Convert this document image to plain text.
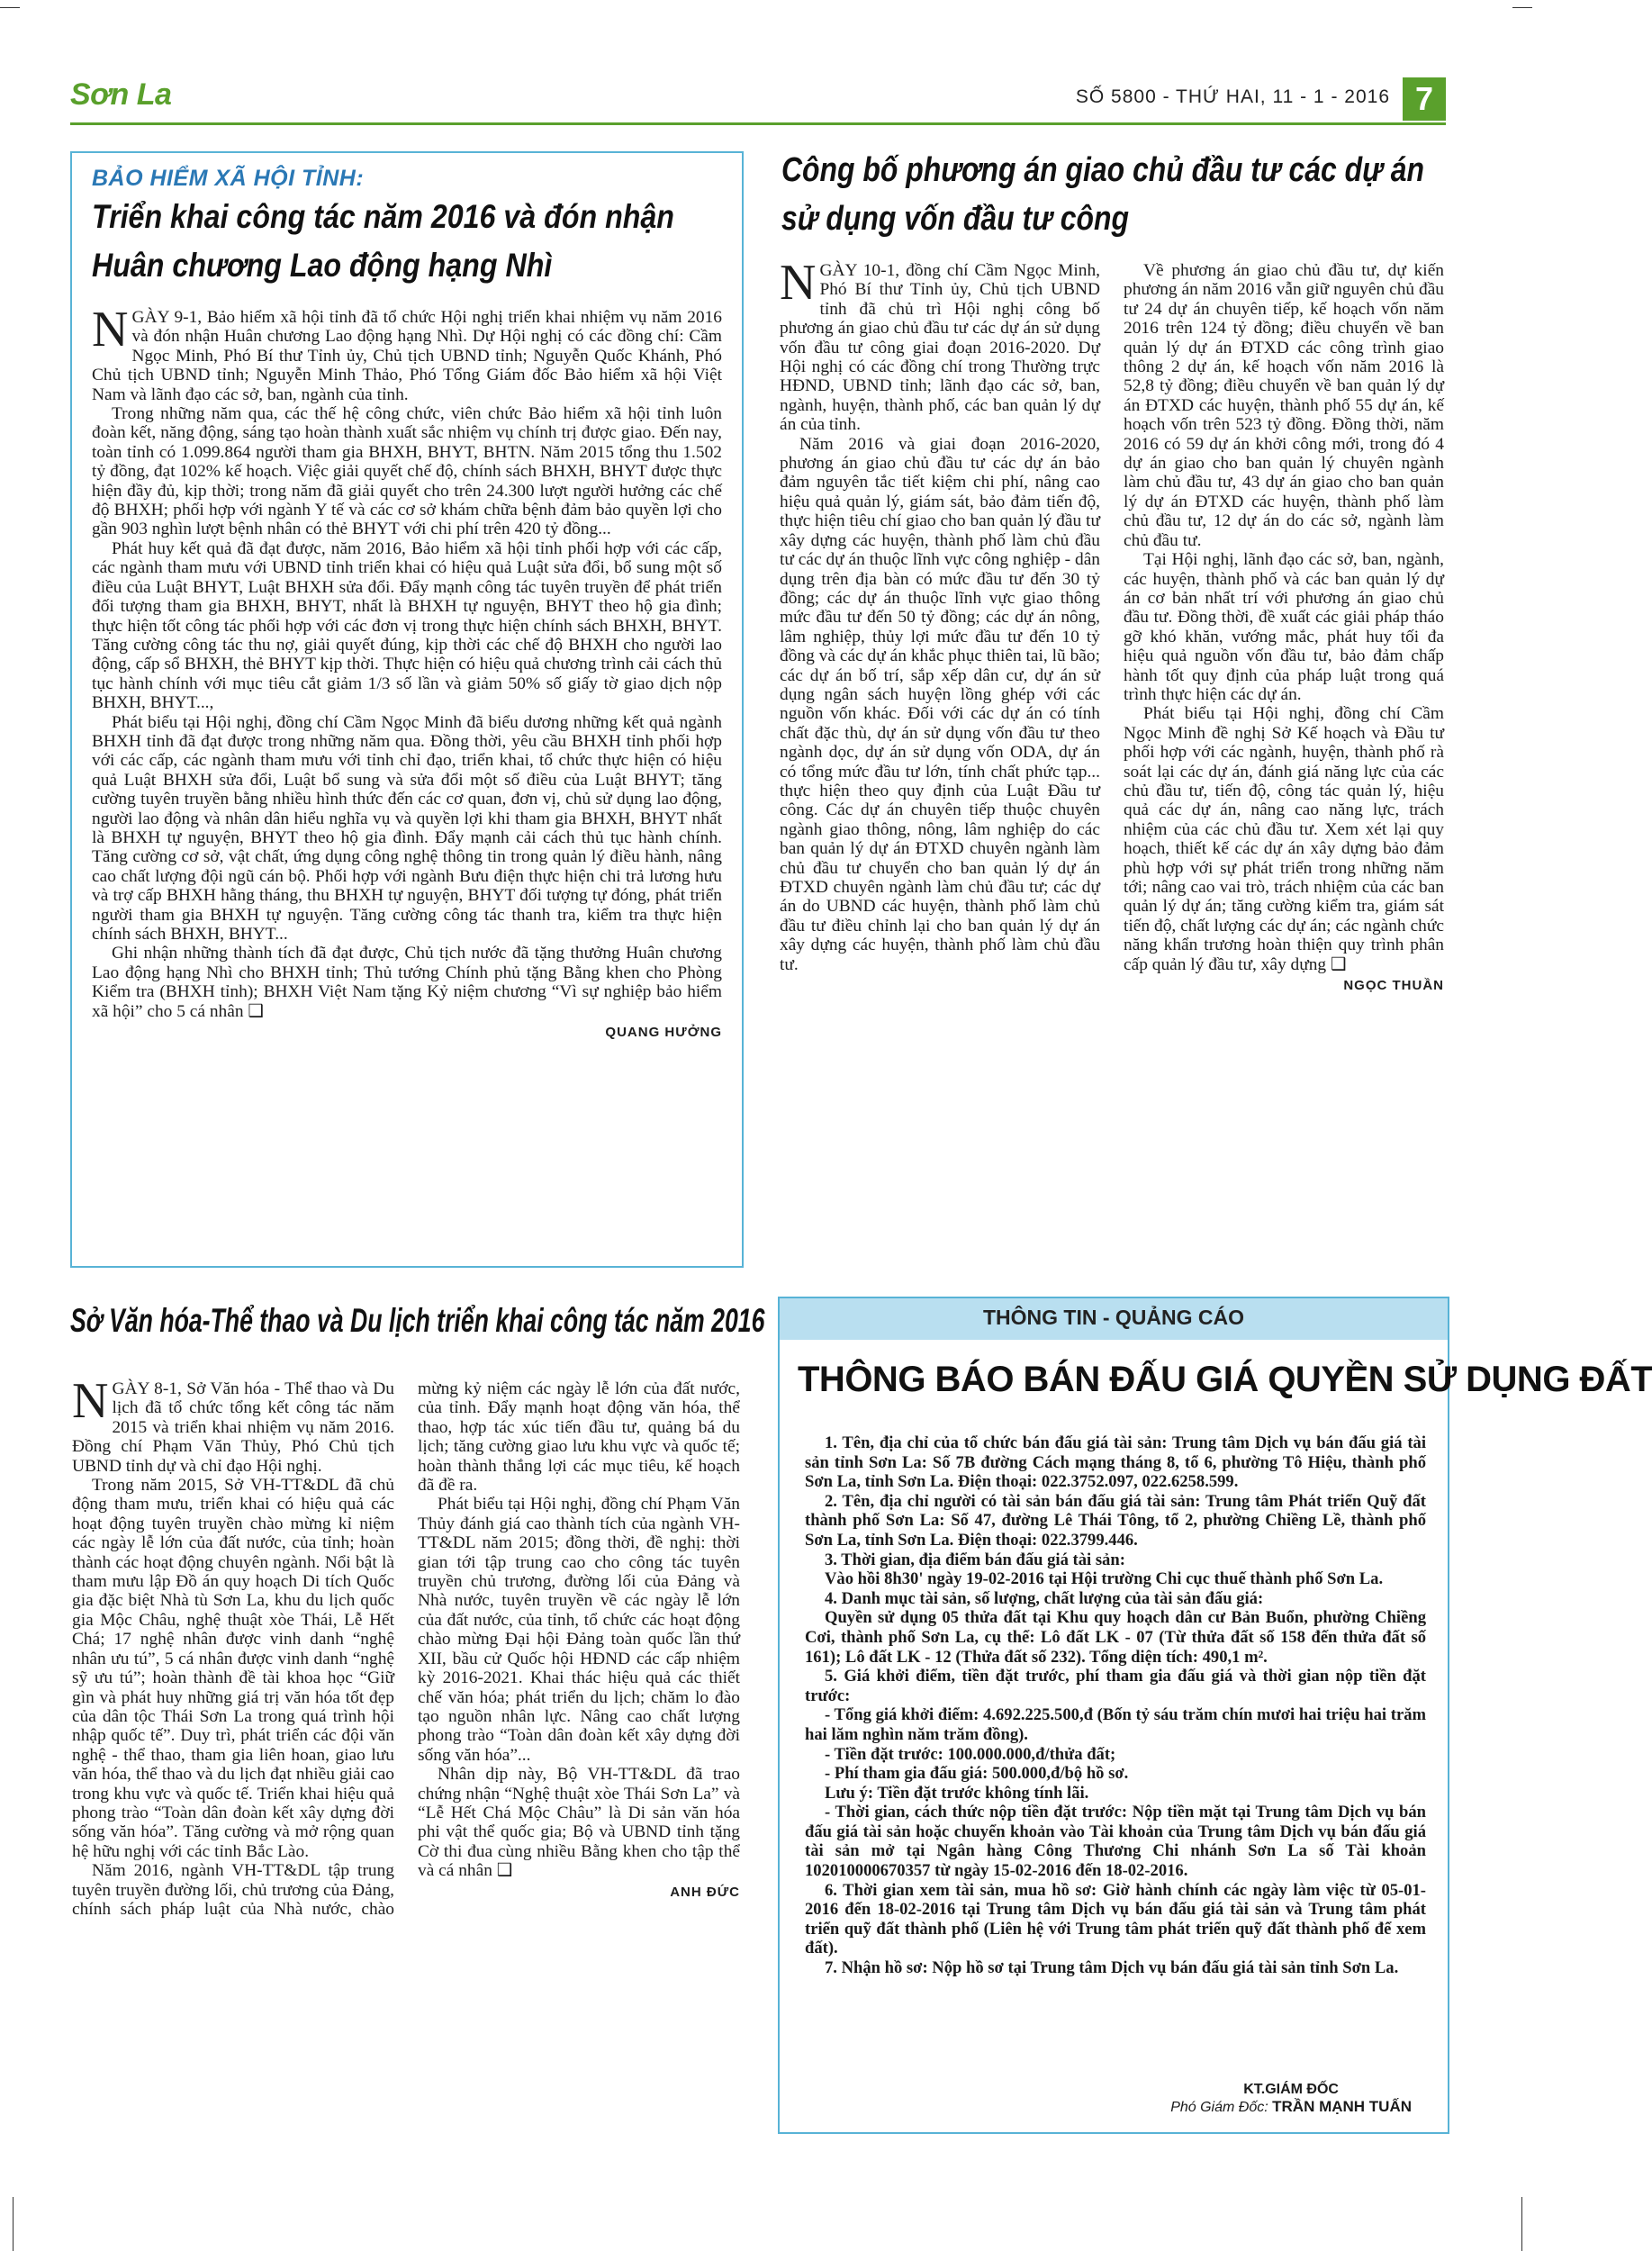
Sơn La	SỐ 5800 - THỨ HAI, 11 - 1 - 2016 7
BẢO HIỂM XÃ HỘI TỈNH:
Triển khai công tác năm 2016 và đón nhận
Huân chương Lao động hạng Nhì

NGÀY 9-1, Bảo hiểm xã hội tỉnh đã tổ chức Hội nghị triển khai nhiệm vụ năm 2016 và đón nhận Huân chương Lao động hạng Nhì. Dự Hội nghị có các đồng chí: Cầm Ngọc Minh, Phó Bí thư Tỉnh ủy, Chủ tịch UBND tỉnh; Nguyễn Quốc Khánh, Phó Chủ tịch UBND tỉnh; Nguyễn Minh Thảo, Phó Tổng Giám đốc Bảo hiểm xã hội Việt Nam và lãnh đạo các sở, ban, ngành của tỉnh.

Trong những năm qua, các thế hệ công chức, viên chức Bảo hiểm xã hội tỉnh luôn đoàn kết, năng động, sáng tạo hoàn thành xuất sắc nhiệm vụ chính trị được giao. Đến nay, toàn tỉnh có 1.099.864 người tham gia BHXH, BHYT, BHTN. Năm 2015 tổng thu 1.502 tỷ đồng, đạt 102% kế hoạch. Việc giải quyết chế độ, chính sách BHXH, BHYT được thực hiện đầy đủ, kịp thời; trong năm đã giải quyết cho trên 24.300 lượt người hưởng các chế độ BHXH; phối hợp với ngành Y tế và các cơ sở khám chữa bệnh đảm bảo quyền lợi cho gần 903 nghìn lượt bệnh nhân có thẻ BHYT với chi phí trên 420 tỷ đồng...

Phát huy kết quả đã đạt được, năm 2016, Bảo hiểm xã hội tỉnh phối hợp với các cấp, các ngành tham mưu với UBND tỉnh triển khai có hiệu quả Luật sửa đổi, bổ sung một số điều của Luật BHYT, Luật BHXH sửa đổi. Đẩy mạnh công tác tuyên truyền để phát triển đối tượng tham gia BHXH, BHYT, nhất là BHXH tự nguyện, BHYT theo hộ gia đình; thực hiện tốt công tác phối hợp với các đơn vị trong thực hiện chính sách BHXH, BHYT. Tăng cường công tác thu nợ, giải quyết đúng, kịp thời các chế độ BHXH cho người lao động, cấp sổ BHXH, thẻ BHYT kịp thời. Thực hiện có hiệu quả chương trình cải cách thủ tục hành chính với mục tiêu cắt giảm 1/3 số lần và giảm 50% số giấy tờ giao dịch nộp BHXH, BHYT...,

Phát biểu tại Hội nghị, đồng chí Cầm Ngọc Minh đã biểu dương những kết quả ngành BHXH tỉnh đã đạt được trong những năm qua. Đồng thời, yêu cầu BHXH tỉnh phối hợp với các cấp, các ngành tham mưu với tỉnh chỉ đạo, triển khai, tổ chức thực hiện có hiệu quả Luật BHXH sửa đổi, Luật bổ sung và sửa đổi một số điều của Luật BHYT; tăng cường tuyên truyền bằng nhiều hình thức đến các cơ quan, đơn vị, chủ sử dụng lao động, người lao động và nhân dân hiểu nghĩa vụ và quyền lợi khi tham gia BHXH, BHYT nhất là BHXH tự nguyện, BHYT theo hộ gia đình. Đẩy mạnh cải cách thủ tục hành chính. Tăng cường cơ sở, vật chất, ứng dụng công nghệ thông tin trong quản lý điều hành, nâng cao chất lượng đội ngũ cán bộ. Phối hợp với ngành Bưu điện thực hiện chi trả lương hưu và trợ cấp BHXH hằng tháng, thu BHXH tự nguyện, BHYT đối tượng tự đóng, phát triển người tham gia BHXH tự nguyện. Tăng cường công tác thanh tra, kiểm tra thực hiện chính sách BHXH, BHYT...

Ghi nhận những thành tích đã đạt được, Chủ tịch nước đã tặng thưởng Huân chương Lao động hạng Nhì cho BHXH tỉnh; Thủ tướng Chính phủ tặng Bằng khen cho Phòng Kiểm tra (BHXH tỉnh); BHXH Việt Nam tặng Kỷ niệm chương “Vì sự nghiệp bảo hiểm xã hội” cho 5 cá nhân ❑

QUANG HƯỞNG
Công bố phương án giao chủ đầu tư các dự án
sử dụng vốn đầu tư công

NGÀY 10-1, đồng chí Cầm Ngọc Minh, Phó Bí thư Tỉnh ủy, Chủ tịch UBND tỉnh đã chủ trì Hội nghị công bố phương án giao chủ đầu tư các dự án sử dụng vốn đầu tư công giai đoạn 2016-2020. Dự Hội nghị có các đồng chí trong Thường trực HĐND, UBND tỉnh; lãnh đạo các sở, ban, ngành, huyện, thành phố, các ban quản lý dự án của tỉnh.

Năm 2016 và giai đoạn 2016-2020, phương án giao chủ đầu tư các dự án bảo đảm nguyên tắc tiết kiệm chi phí, nâng cao hiệu quả quản lý, giám sát, bảo đảm tiến độ, thực hiện tiêu chí giao cho ban quản lý đầu tư xây dựng các huyện, thành phố làm chủ đầu tư các dự án thuộc lĩnh vực công nghiệp - dân dụng trên địa bàn có mức đầu tư đến 30 tỷ đồng; các dự án thuộc lĩnh vực giao thông mức đầu tư đến 50 tỷ đồng; các dự án nông, lâm nghiệp, thủy lợi mức đầu tư đến 10 tỷ đồng và các dự án khắc phục thiên tai, lũ bão; các dự án bố trí, sắp xếp dân cư, dự án sử dụng ngân sách huyện lồng ghép với các nguồn vốn khác. Đối với các dự án có tính chất đặc thù, dự án sử dụng vốn đầu tư theo ngành dọc, dự án sử dụng vốn ODA, dự án có tổng mức đầu tư lớn, tính chất phức tạp... thực hiện theo quy định của Luật Đầu tư công. Các dự án chuyên tiếp thuộc chuyên ngành giao thông, nông, lâm nghiệp do các ban quản lý dự án ĐTXD chuyên ngành làm chủ đầu tư chuyển cho ban quản lý dự án ĐTXD chuyên ngành làm chủ đầu tư; các dự án do UBND các huyện, thành phố làm chủ đầu tư điều chỉnh lại cho ban quản lý dự án xây dựng các huyện, thành phố làm chủ đầu tư.

Về phương án giao chủ đầu tư, dự kiến phương án năm 2016 vẫn giữ nguyên chủ đầu tư 24 dự án chuyên tiếp, kế hoạch vốn năm 2016 trên 124 tỷ đồng; điều chuyển về ban quản lý dự án ĐTXD các công trình giao thông 2 dự án, kế hoạch vốn năm 2016 là 52,8 tỷ đồng; điều chuyển về ban quản lý dự án ĐTXD các huyện, thành phố 55 dự án, kế hoạch vốn trên 523 tỷ đồng. Đồng thời, năm 2016 có 59 dự án khởi công mới, trong đó 4 dự án giao cho ban quản lý chuyên ngành làm chủ đầu tư, 43 dự án giao cho ban quản lý dự án ĐTXD các huyện, thành phố làm chủ đầu tư, 12 dự án do các sở, ngành làm chủ đầu tư.

Tại Hội nghị, lãnh đạo các sở, ban, ngành, các huyện, thành phố và các ban quản lý dự án cơ bản nhất trí với phương án giao chủ đầu tư. Đồng thời, đề xuất các giải pháp tháo gỡ khó khăn, vướng mắc, phát huy tối đa hiệu quả nguồn vốn đầu tư, bảo đảm chấp hành tốt quy định của pháp luật trong quá trình thực hiện các dự án.

Phát biểu tại Hội nghị, đồng chí Cầm Ngọc Minh đề nghị Sở Kế hoạch và Đầu tư phối hợp với các ngành, huyện, thành phố rà soát lại các dự án, đánh giá năng lực của các chủ đầu tư, tiến độ, công tác quản lý, hiệu quả các dự án, nâng cao năng lực, trách nhiệm của các chủ đầu tư. Xem xét lại quy hoạch, thiết kế các dự án xây dựng bảo đảm phù hợp với sự phát triển trong những năm tới; nâng cao vai trò, trách nhiệm của các ban quản lý dự án; tăng cường kiểm tra, giám sát tiến độ, chất lượng các dự án; các ngành chức năng khẩn trương hoàn thiện quy trình phân cấp quản lý đầu tư, xây dựng ❑

NGỌC THUẦN
Sở Văn hóa-Thể thao và Du lịch triển khai công tác năm 2016

NGÀY 8-1, Sở Văn hóa - Thể thao và Du lịch đã tổ chức tổng kết công tác năm 2015 và triển khai nhiệm vụ năm 2016. Đồng chí Phạm Văn Thủy, Phó Chủ tịch UBND tỉnh dự và chỉ đạo Hội nghị.

Trong năm 2015, Sở VH-TT&DL đã chủ động tham mưu, triển khai có hiệu quả các hoạt động tuyên truyền chào mừng kỉ niệm các ngày lễ lớn của đất nước, của tỉnh; hoàn thành các hoạt động chuyên ngành. Nổi bật là tham mưu lập Đồ án quy hoạch Di tích Quốc gia đặc biệt Nhà tù Sơn La, khu du lịch quốc gia Mộc Châu, nghệ thuật xòe Thái, Lễ Hết Chá; 17 nghệ nhân được vinh danh “nghệ nhân ưu tú”, 5 cá nhân được vinh danh “nghệ sỹ ưu tú”; hoàn thành đề tài khoa học “Giữ gìn và phát huy những giá trị văn hóa tốt đẹp của dân tộc Thái Sơn La trong quá trình hội nhập quốc tế”. Duy trì, phát triển các đội văn nghệ - thể thao, tham gia liên hoan, giao lưu văn hóa, thể thao và du lịch đạt nhiều giải cao trong khu vực và quốc tế. Triển khai hiệu quả phong trào “Toàn dân đoàn kết xây dựng đời sống văn hóa”. Tăng cường và mở rộng quan hệ hữu nghị với các tỉnh Bắc Lào.

Năm 2016, ngành VH-TT&DL tập trung tuyên truyền đường lối, chủ trương của Đảng, chính sách pháp luật của Nhà nước, chào mừng kỷ niệm các ngày lễ lớn của đất nước, của tỉnh. Đẩy mạnh hoạt động văn hóa, thể thao, hợp tác xúc tiến đầu tư, quảng bá du lịch; tăng cường giao lưu khu vực và quốc tế; hoàn thành thắng lợi các mục tiêu, kế hoạch đã đề ra.

Phát biểu tại Hội nghị, đồng chí Phạm Văn Thủy đánh giá cao thành tích của ngành VH-TT&DL năm 2015; đồng thời, đề nghị: thời gian tới tập trung cao cho công tác tuyên truyền chủ trương, đường lối của Đảng và Nhà nước, tuyên truyền về các ngày lễ lớn của đất nước, của tỉnh, tổ chức các hoạt động chào mừng Đại hội Đảng toàn quốc lần thứ XII, bầu cử Quốc hội HĐND các cấp nhiệm kỳ 2016-2021. Khai thác hiệu quả các thiết chế văn hóa; phát triển du lịch; chăm lo đào tạo nguồn nhân lực. Nâng cao chất lượng phong trào “Toàn dân đoàn kết xây dựng đời sống văn hóa”...

Nhân dịp này, Bộ VH-TT&DL đã trao chứng nhận “Nghệ thuật xòe Thái Sơn La” và “Lễ Hết Chá Mộc Châu” là Di sản văn hóa phi vật thể quốc gia; Bộ và UBND tỉnh tặng Cờ thi đua cùng nhiều Bằng khen cho tập thể và cá nhân ❑

ANH ĐỨC
THÔNG TIN - QUẢNG CÁO
THÔNG BÁO BÁN ĐẤU GIÁ QUYỀN SỬ DỤNG ĐẤT

1. Tên, địa chỉ của tổ chức bán đấu giá tài sản: Trung tâm Dịch vụ bán đấu giá tài sản tỉnh Sơn La: Số 7B đường Cách mạng tháng 8, tổ 6, phường Tô Hiệu, thành phố Sơn La, tỉnh Sơn La. Điện thoại: 022.3752.097, 022.6258.599.

2. Tên, địa chỉ người có tài sản bán đấu giá tài sản: Trung tâm Phát triển Quỹ đất thành phố Sơn La: Số 47, đường Lê Thái Tông, tổ 2, phường Chiềng Lề, thành phố Sơn La, tỉnh Sơn La. Điện thoại: 022.3799.446.

3. Thời gian, địa điểm bán đấu giá tài sản:

Vào hồi 8h30' ngày 19-02-2016 tại Hội trường Chi cục thuế thành phố Sơn La.

4. Danh mục tài sản, số lượng, chất lượng của tài sản đấu giá:

Quyền sử dụng 05 thửa đất tại Khu quy hoạch dân cư Bản Buổn, phường Chiềng Cơi, thành phố Sơn La, cụ thể: Lô đất LK - 07 (Từ thửa đất số 158 đến thửa đất số 161); Lô đất LK - 12 (Thửa đất số 232). Tổng diện tích: 490,1 m².

5. Giá khởi điểm, tiền đặt trước, phí tham gia đấu giá và thời gian nộp tiền đặt trước:

- Tổng giá khởi điểm: 4.692.225.500,đ (Bốn tỷ sáu trăm chín mươi hai triệu hai trăm hai lăm nghìn năm trăm đồng).

- Tiền đặt trước: 100.000.000,đ/thửa đất;

- Phí tham gia đấu giá: 500.000,đ/bộ hồ sơ.

Lưu ý: Tiền đặt trước không tính lãi.

- Thời gian, cách thức nộp tiền đặt trước: Nộp tiền mặt tại Trung tâm Dịch vụ bán đấu giá tài sản hoặc chuyển khoản vào Tài khoản của Trung tâm Dịch vụ bán đấu giá tài sản mở tại Ngân hàng Công Thương Chi nhánh Sơn La số Tài khoản 102010000670357 từ ngày 15-02-2016 đến 18-02-2016.

6. Thời gian xem tài sản, mua hồ sơ: Giờ hành chính các ngày làm việc từ 05-01-2016 đến 18-02-2016 tại Trung tâm Dịch vụ bán đấu giá tài sản và Trung tâm phát triển quỹ đất thành phố (Liên hệ với Trung tâm phát triển quỹ đất thành phố để xem đất).

7. Nhận hồ sơ: Nộp hồ sơ tại Trung tâm Dịch vụ bán đấu giá tài sản tỉnh Sơn La.

KT.GIÁM ĐỐC
Phó Giám Đốc: TRẦN MẠNH TUẤN
